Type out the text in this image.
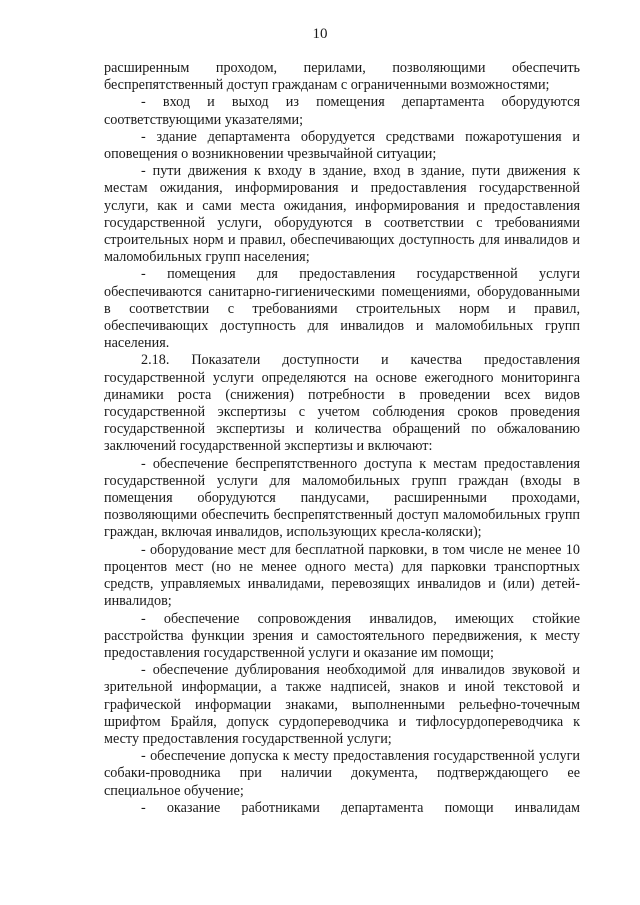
10

расширенным проходом, перилами, позволяющими обеспечить беспрепятственный доступ гражданам с ограниченными возможностями;

- вход и выход из помещения департамента оборудуются соответствующими указателями;

- здание департамента оборудуется средствами пожаротушения и оповещения о возникновении чрезвычайной ситуации;

- пути движения к входу в здание, вход в здание, пути движения к местам ожидания, информирования и предоставления государственной услуги, как и сами места ожидания, информирования и предоставления государственной услуги, оборудуются в соответствии с требованиями строительных норм и правил, обеспечивающих доступность для инвалидов и маломобильных групп населения;

- помещения для предоставления государственной услуги обеспечиваются санитарно-гигиеническими помещениями, оборудованными в соответствии с требованиями строительных норм и правил, обеспечивающих доступность для инвалидов и маломобильных групп населения.

2.18. Показатели доступности и качества предоставления государственной услуги определяются на основе ежегодного мониторинга динамики роста (снижения) потребности в проведении всех видов государственной экспертизы с учетом соблюдения сроков проведения государственной экспертизы и количества обращений по обжалованию заключений государственной экспертизы и включают:

- обеспечение беспрепятственного доступа к местам предоставления государственной услуги для маломобильных групп граждан (входы в помещения оборудуются пандусами, расширенными проходами, позволяющими обеспечить беспрепятственный доступ маломобильных групп граждан, включая инвалидов, использующих кресла-коляски);

- оборудование мест для бесплатной парковки, в том числе не менее 10 процентов мест (но не менее одного места) для парковки транспортных средств, управляемых инвалидами, перевозящих инвалидов и (или) детей-инвалидов;

- обеспечение сопровождения инвалидов, имеющих стойкие расстройства функции зрения и самостоятельного передвижения, к месту предоставления государственной услуги и оказание им помощи;

- обеспечение дублирования необходимой для инвалидов звуковой и зрительной информации, а также надписей, знаков и иной текстовой и графической информации знаками, выполненными рельефно-точечным шрифтом Брайля, допуск сурдопереводчика и тифлосурдопереводчика к месту предоставления государственной услуги;

- обеспечение допуска к месту предоставления государственной услуги собаки-проводника при наличии документа, подтверждающего ее специальное обучение;

- оказание работниками департамента помощи инвалидам
